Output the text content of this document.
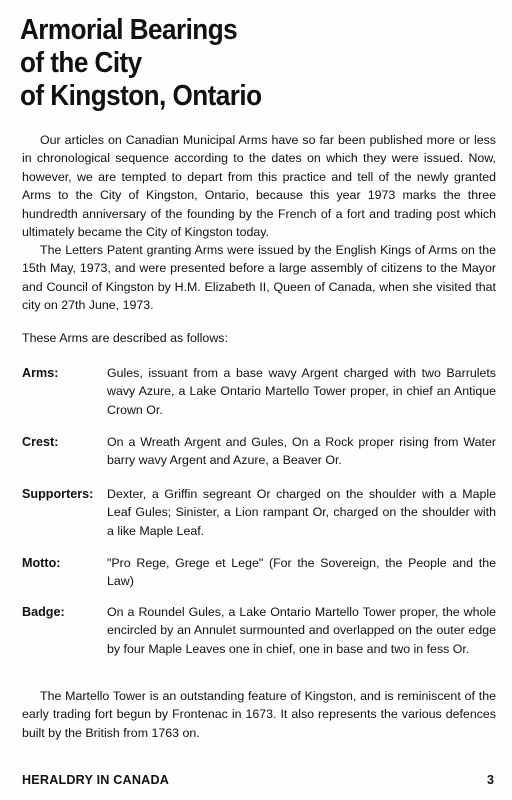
Armorial Bearings
of the City
of Kingston, Ontario

Our articles on Canadian Municipal Arms have so far been published more or less in chronological sequence according to the dates on which they were issued. Now, however, we are tempted to depart from this practice and tell of the newly granted Arms to the City of Kingston, Ontario, because this year 1973 marks the three hundredth anniversary of the founding by the French of a fort and trading post which ultimately became the City of Kingston today.

The Letters Patent granting Arms were issued by the English Kings of Arms on the 15th May, 1973, and were presented before a large assembly of citizens to the Mayor and Council of Kingston by H.M. Elizabeth II, Queen of Canada, when she visited that city on 27th June, 1973.

These Arms are described as follows:
Arms:	Gules, issuant from a base wavy Argent charged with two Barrulets wavy Azure, a Lake Ontario Martello Tower proper, in chief an Antique Crown Or.

Crest:	On a Wreath Argent and Gules, On a Rock proper rising from Water barry wavy Argent and Azure, a Beaver Or.

Supporters:	Dexter, a Griffin segreant Or charged on the shoulder with a Maple Leaf Gules; Sinister, a Lion rampant Or, charged on the shoulder with a like Maple Leaf.

Motto:	"Pro Rege, Grege et Lege" (For the Sovereign, the People and the Law)

Badge:	On a Roundel Gules, a Lake Ontario Martello Tower proper, the whole encircled by an Annulet surmounted and overlapped on the outer edge by four Maple Leaves one in chief, one in base and two in fess Or.

The Martello Tower is an outstanding feature of Kingston, and is reminiscent of the early trading fort begun by Frontenac in 1673. It also represents the various defences built by the British from 1763 on.

HERALDRY IN CANADA	3
